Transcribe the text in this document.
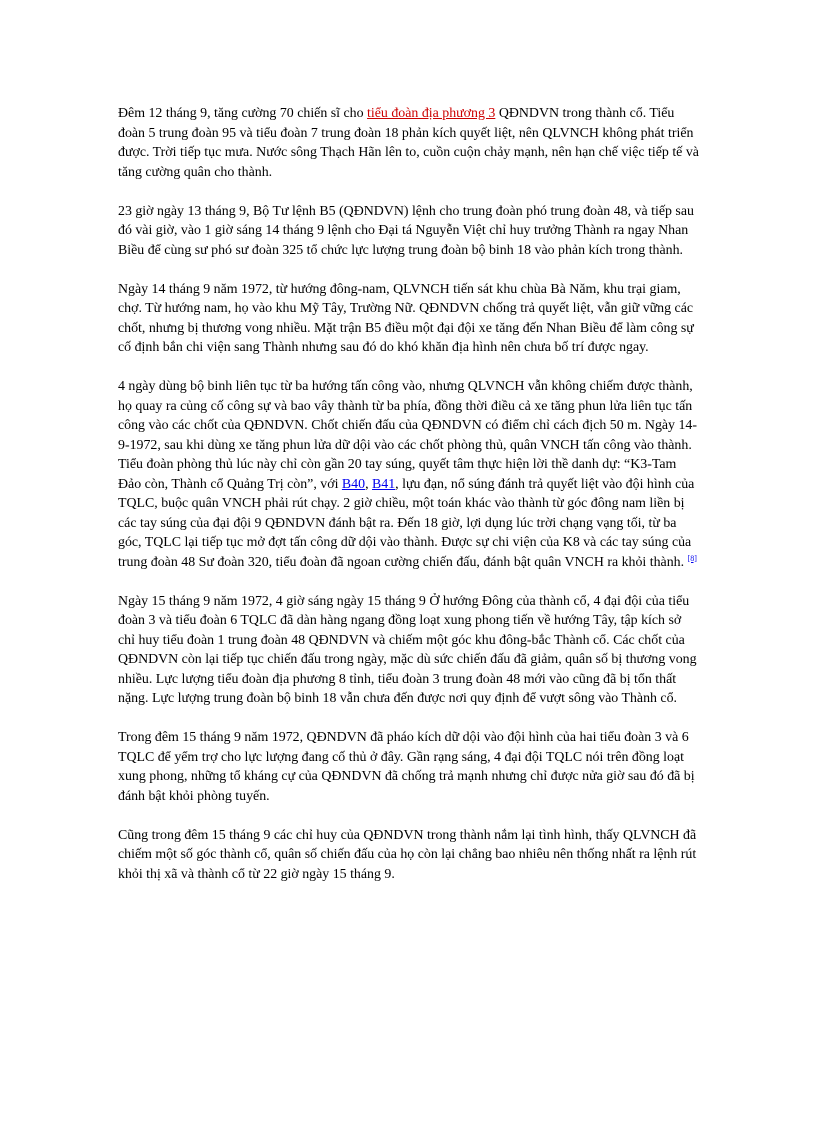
Đêm 12 tháng 9, tăng cường 70 chiến sĩ cho tiểu đoàn địa phương 3 QĐNDVN trong thành cổ. Tiểu đoàn 5 trung đoàn 95 và tiểu đoàn 7 trung đoàn 18 phản kích quyết liệt, nên QLVNCH không phát triển được. Trời tiếp tục mưa. Nước sông Thạch Hãn lên to, cuồn cuộn chảy mạnh, nên hạn chế việc tiếp tế và tăng cường quân cho thành.

23 giờ ngày 13 tháng 9, Bộ Tư lệnh B5 (QĐNDVN) lệnh cho trung đoàn phó trung đoàn 48, và tiếp sau đó vài giờ, vào 1 giờ sáng 14 tháng 9 lệnh cho Đại tá Nguyễn Việt chỉ huy trưởng Thành ra ngay Nhan Biều để cùng sư phó sư đoàn 325 tổ chức lực lượng trung đoàn bộ binh 18 vào phản kích trong thành.

Ngày 14 tháng 9 năm 1972, từ hướng đông-nam, QLVNCH tiến sát khu chùa Bà Năm, khu trại giam, chợ. Từ hướng nam, họ vào khu Mỹ Tây, Trường Nữ. QĐNDVN chống trả quyết liệt, vẫn giữ vững các chốt, nhưng bị thương vong nhiều. Mặt trận B5 điều một đại đội xe tăng đến Nhan Biều để làm công sự cố định bắn chi viện sang Thành nhưng sau đó do khó khăn địa hình nên chưa bố trí được ngay.

4 ngày dùng bộ binh liên tục từ ba hướng tấn công vào, nhưng QLVNCH vẫn không chiếm được thành, họ quay ra củng cố công sự và bao vây thành từ ba phía, đồng thời điều cả xe tăng phun lửa liên tục tấn công vào các chốt của QĐNDVN. Chốt chiến đấu của QĐNDVN có điểm chỉ cách địch 50 m. Ngày 14-9-1972, sau khi dùng xe tăng phun lửa dữ dội vào các chốt phòng thủ, quân VNCH tấn công vào thành. Tiểu đoàn phòng thủ lúc này chỉ còn gần 20 tay súng, quyết tâm thực hiện lời thề danh dự: “K3-Tam Đảo còn, Thành cổ Quảng Trị còn”, với B40, B41, lựu đạn, nổ súng đánh trả quyết liệt vào đội hình của TQLC, buộc quân VNCH phải rút chạy. 2 giờ chiều, một toán khác vào thành từ góc đông nam liền bị các tay súng của đại đội 9 QĐNDVN đánh bật ra. Đến 18 giờ, lợi dụng lúc trời chạng vạng tối, từ ba góc, TQLC lại tiếp tục mở đợt tấn công dữ dội vào thành. Được sự chi viện của K8 và các tay súng của trung đoàn 48 Sư đoàn 320, tiểu đoàn đã ngoan cường chiến đấu, đánh bật quân VNCH ra khỏi thành. [8]

Ngày 15 tháng 9 năm 1972, 4 giờ sáng ngày 15 tháng 9 Ở hướng Đông của thành cổ, 4 đại đội của tiểu đoàn 3 và tiểu đoàn 6 TQLC đã dàn hàng ngang đồng loạt xung phong tiến về hướng Tây, tập kích sở chỉ huy tiểu đoàn 1 trung đoàn 48 QĐNDVN và chiếm một góc khu đông-bắc Thành cổ. Các chốt của QĐNDVN còn lại tiếp tục chiến đấu trong ngày, mặc dù sức chiến đấu đã giảm, quân số bị thương vong nhiều. Lực lượng tiểu đoàn địa phương 8 tỉnh, tiểu đoàn 3 trung đoàn 48 mới vào cũng đã bị tổn thất nặng. Lực lượng trung đoàn bộ binh 18 vẫn chưa đến được nơi quy định để vượt sông vào Thành cổ.

Trong đêm 15 tháng 9 năm 1972, QĐNDVN đã pháo kích dữ dội vào đội hình của hai tiểu đoàn 3 và 6 TQLC để yểm trợ cho lực lượng đang cố thủ ở đây. Gần rạng sáng, 4 đại đội TQLC nói trên đồng loạt xung phong, những tổ kháng cự của QĐNDVN đã chống trả mạnh nhưng chỉ được nửa giờ sau đó đã bị đánh bật khỏi phòng tuyến.

Cũng trong đêm 15 tháng 9 các chỉ huy của QĐNDVN trong thành nắm lại tình hình, thấy QLVNCH đã chiếm một số góc thành cổ, quân số chiến đấu của họ còn lại chẳng bao nhiêu nên thống nhất ra lệnh rút khỏi thị xã và thành cổ từ 22 giờ ngày 15 tháng 9.
